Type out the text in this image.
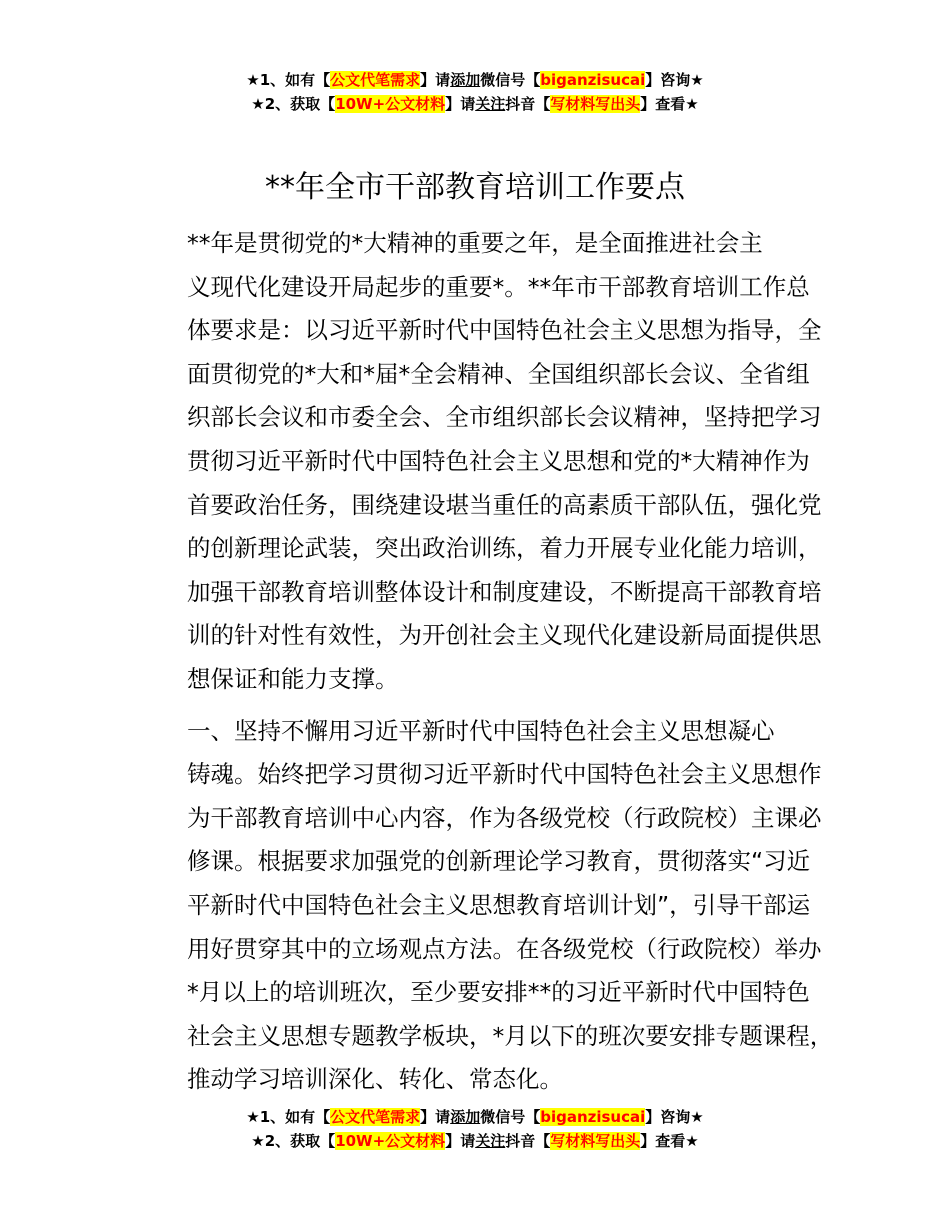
★1、如有【公文代笔需求】请添加微信号【biganzisucai】咨询★
★2、获取【10W+公文材料】请关注抖音【写材料写出头】查看★
**年全市干部教育培训工作要点

**年是贯彻党的*大精神的重要之年，是全面推进社会主
义现代化建设开局起步的重要*。**年市干部教育培训工作总
体要求是：以习近平新时代中国特色社会主义思想为指导，全
面贯彻党的*大和*届*全会精神、全国组织部长会议、全省组
织部长会议和市委全会、全市组织部长会议精神，坚持把学习
贯彻习近平新时代中国特色社会主义思想和党的*大精神作为
首要政治任务，围绕建设堪当重任的高素质干部队伍，强化党
的创新理论武装，突出政治训练，着力开展专业化能力培训，
加强干部教育培训整体设计和制度建设，不断提高干部教育培
训的针对性有效性，为开创社会主义现代化建设新局面提供思
想保证和能力支撑。

一、坚持不懈用习近平新时代中国特色社会主义思想凝心
铸魂。始终把学习贯彻习近平新时代中国特色社会主义思想作
为干部教育培训中心内容，作为各级党校（行政院校）主课必
修课。根据要求加强党的创新理论学习教育，贯彻落实“习近
平新时代中国特色社会主义思想教育培训计划”，引导干部运
用好贯穿其中的立场观点方法。在各级党校（行政院校）举办
*月以上的培训班次，至少要安排**的习近平新时代中国特色
社会主义思想专题教学板块，*月以下的班次要安排专题课程，
推动学习培训深化、转化、常态化。

★1、如有【公文代笔需求】请添加微信号【biganzisucai】咨询★
★2、获取【10W+公文材料】请关注抖音【写材料写出头】查看★
